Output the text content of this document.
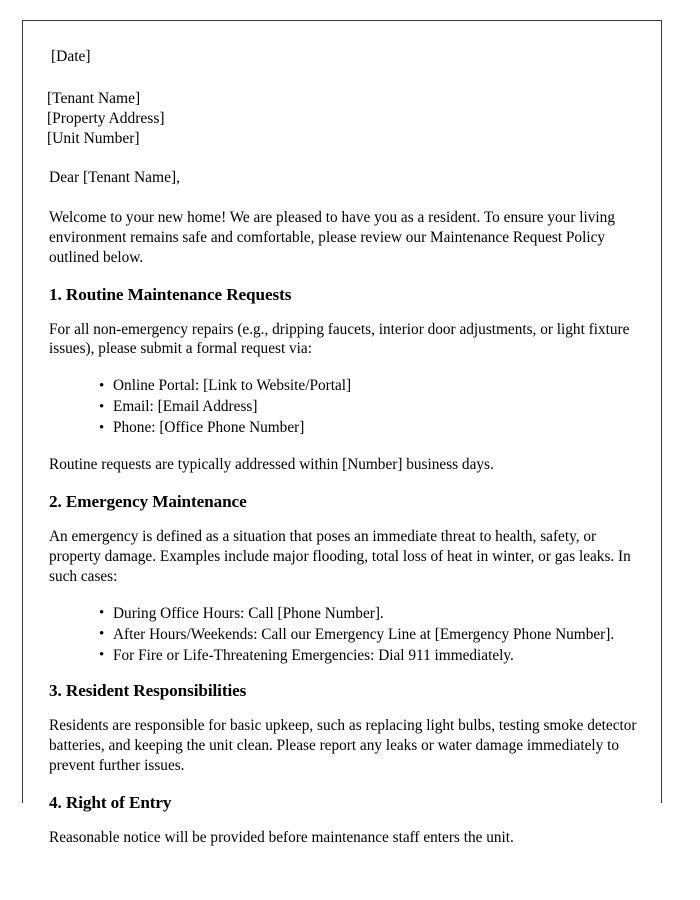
[Date]
[Tenant Name]
[Property Address]
[Unit Number]
Dear [Tenant Name],

Welcome to your new home! We are pleased to have you as a resident. To ensure your living environment remains safe and comfortable, please review our Maintenance Request Policy outlined below.

1. Routine Maintenance Requests

For all non-emergency repairs (e.g., dripping faucets, interior door adjustments, or light fixture issues), please submit a formal request via:

• Online Portal: [Link to Website/Portal]
• Email: [Email Address]
• Phone: [Office Phone Number]

Routine requests are typically addressed within [Number] business days.

2. Emergency Maintenance

An emergency is defined as a situation that poses an immediate threat to health, safety, or property damage. Examples include major flooding, total loss of heat in winter, or gas leaks. In such cases:

• During Office Hours: Call [Phone Number].
• After Hours/Weekends: Call our Emergency Line at [Emergency Phone Number].
• For Fire or Life-Threatening Emergencies: Dial 911 immediately.
3. Resident Responsibilities

Residents are responsible for basic upkeep, such as replacing light bulbs, testing smoke detector batteries, and keeping the unit clean. Please report any leaks or water damage immediately to prevent further issues.

4. Right of Entry

Reasonable notice will be provided before maintenance staff enters the unit.
